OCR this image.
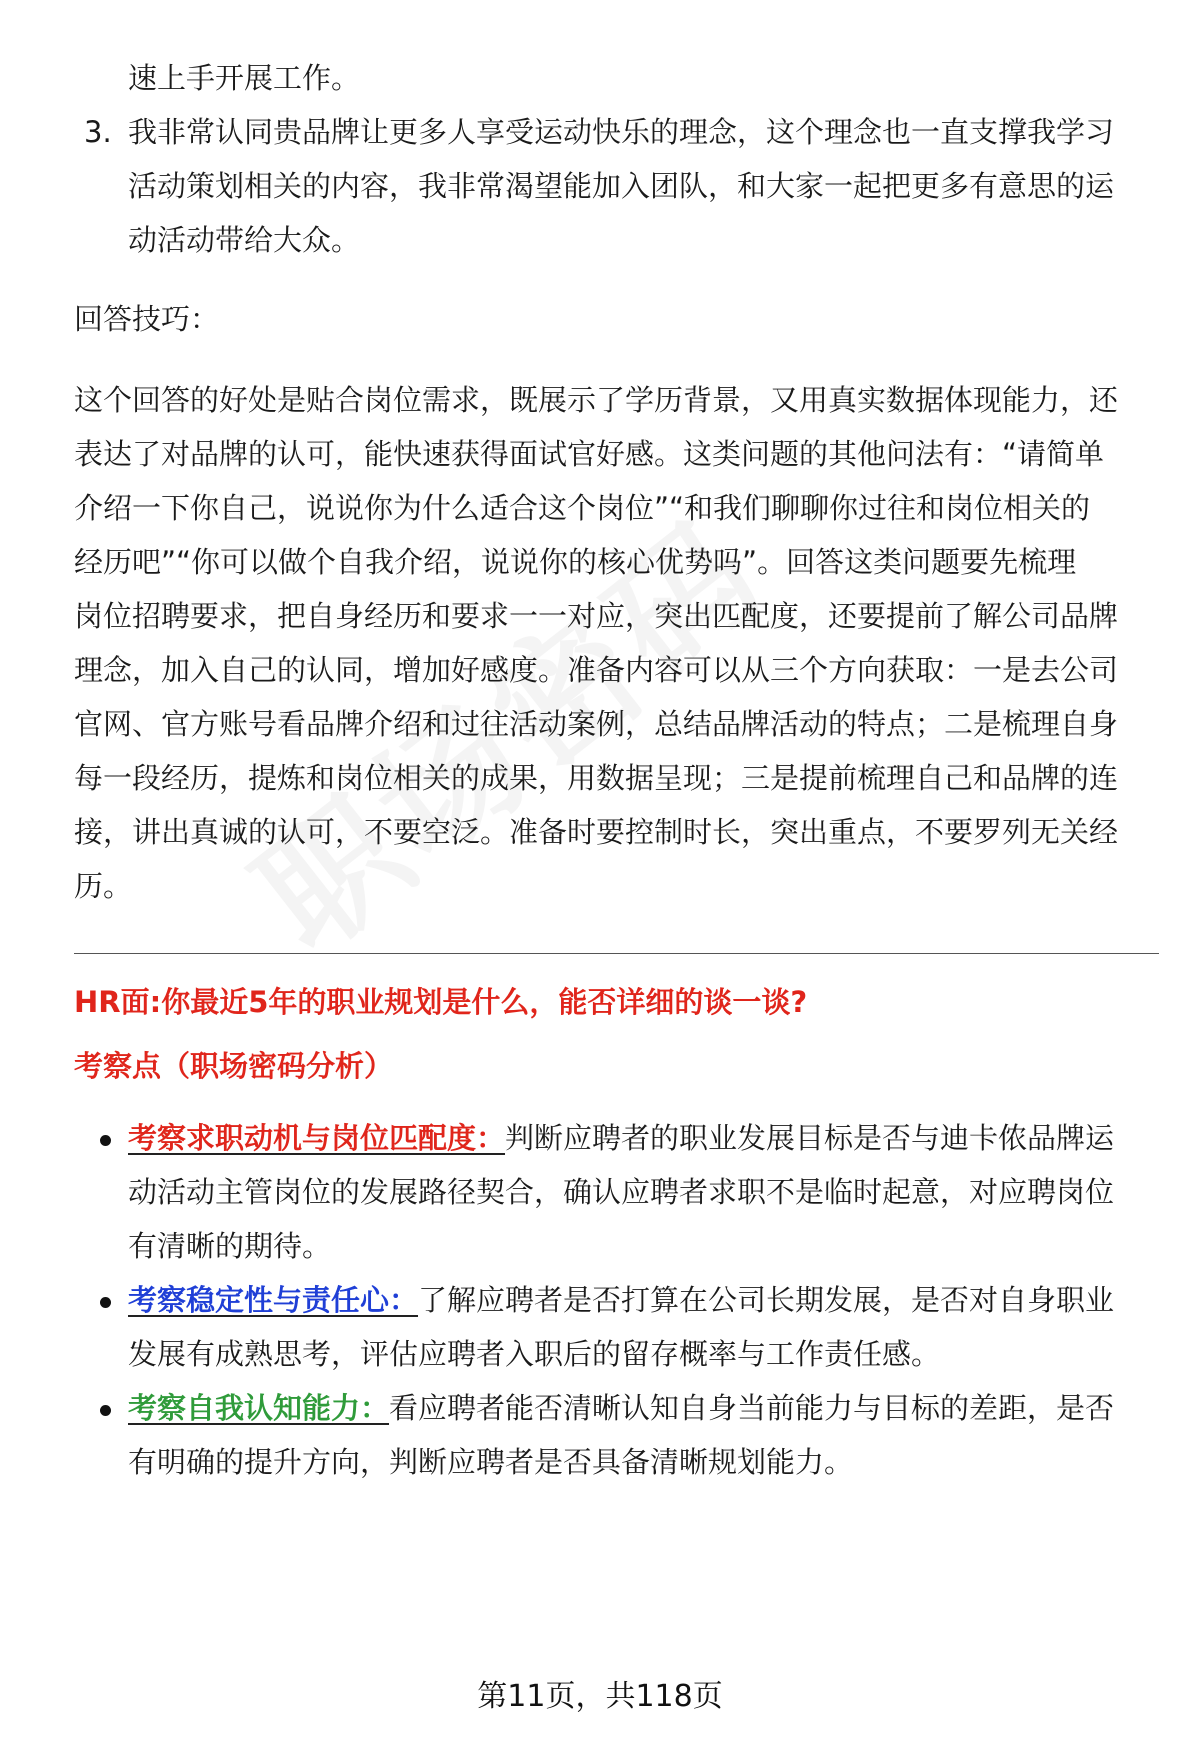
速上手开展工作。
3. 我非常认同贵品牌让更多人享受运动快乐的理念，这个理念也一直支撑我学习
活动策划相关的内容，我非常渴望能加入团队，和大家一起把更多有意思的运
动活动带给大众。
回答技巧：
这个回答的好处是贴合岗位需求，既展示了学历背景，又用真实数据体现能力，还
表达了对品牌的认可，能快速获得面试官好感。这类问题的其他问法有：“请简单
介绍一下你自己，说说你为什么适合这个岗位”“和我们聊聊你过往和岗位相关的
经历吧”“你可以做个自我介绍，说说你的核心优势吗”。回答这类问题要先梳理
岗位招聘要求，把自身经历和要求一一对应，突出匹配度，还要提前了解公司品牌
理念，加入自己的认同，增加好感度。准备内容可以从三个方向获取：一是去公司
官网、官方账号看品牌介绍和过往活动案例，总结品牌活动的特点；二是梳理自身
每一段经历，提炼和岗位相关的成果，用数据呈现；三是提前梳理自己和品牌的连
接，讲出真诚的认可，不要空泛。准备时要控制时长，突出重点，不要罗列无关经
历。
HR面:你最近5年的职业规划是什么，能否详细的谈一谈?
考察点（职场密码分析）
考察求职动机与岗位匹配度：判断应聘者的职业发展目标是否与迪卡侬品牌运
动活动主管岗位的发展路径契合，确认应聘者求职不是临时起意，对应聘岗位
有清晰的期待。
考察稳定性与责任心：了解应聘者是否打算在公司长期发展，是否对自身职业
发展有成熟思考，评估应聘者入职后的留存概率与工作责任感。
考察自我认知能力：看应聘者能否清晰认知自身当前能力与目标的差距，是否
有明确的提升方向，判断应聘者是否具备清晰规划能力。
第11页，共118页
